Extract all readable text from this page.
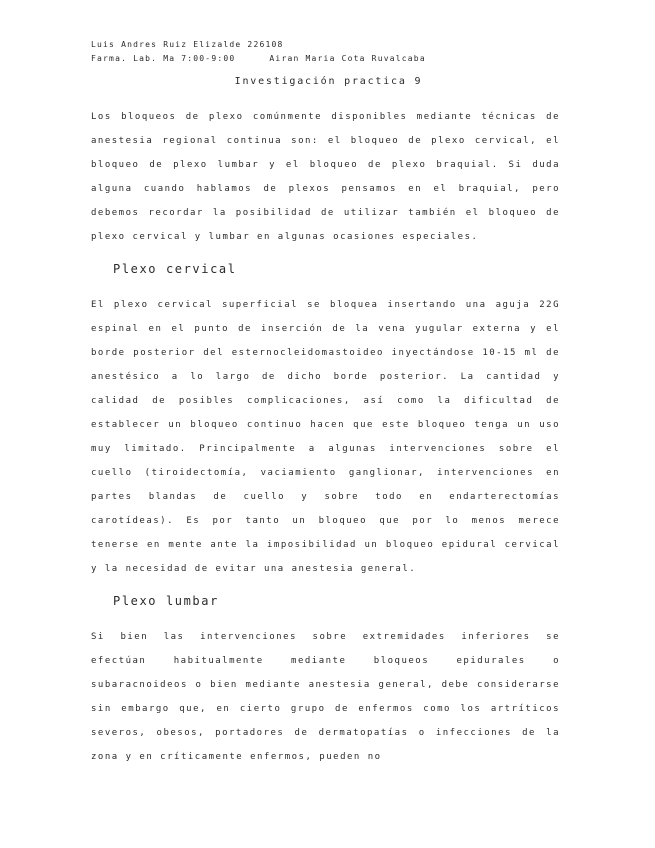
Luis Andres Ruiz Elizalde 226108
Farma. Lab. Ma 7:00-9:00	Airan Maria Cota Ruvalcaba
Investigación practica 9

Los bloqueos de plexo comúnmente disponibles mediante técnicas de anestesia regional continua son: el bloqueo de plexo cervical, el bloqueo de plexo lumbar y el bloqueo de plexo braquial. Si duda alguna cuando hablamos de plexos pensamos en el braquial, pero debemos recordar la posibilidad de utilizar también el bloqueo de plexo cervical y lumbar en algunas ocasiones especiales.

Plexo cervical

El plexo cervical superficial se bloquea insertando una aguja 22G espinal en el punto de inserción de la vena yugular externa y el borde posterior del esternocleidomastoideo inyectándose 10-15 ml de anestésico a lo largo de dicho borde posterior. La cantidad y calidad de posibles complicaciones, así como la dificultad de establecer un bloqueo continuo hacen que este bloqueo tenga un uso muy limitado. Principalmente a algunas intervenciones sobre el cuello (tiroidectomía, vaciamiento ganglionar, intervenciones en partes blandas de cuello y sobre todo en endarterectomías carotídeas). Es por tanto un bloqueo que por lo menos merece tenerse en mente ante la imposibilidad un bloqueo epidural cervical y la necesidad de evitar una anestesia general.

Plexo lumbar

Si bien las intervenciones sobre extremidades inferiores se efectúan habitualmente mediante bloqueos epidurales o subaracnoideos o bien mediante anestesia general, debe considerarse sin embargo que, en cierto grupo de enfermos como los artríticos severos, obesos, portadores de dermatopatías o infecciones de la zona y en críticamente enfermos, pueden no
